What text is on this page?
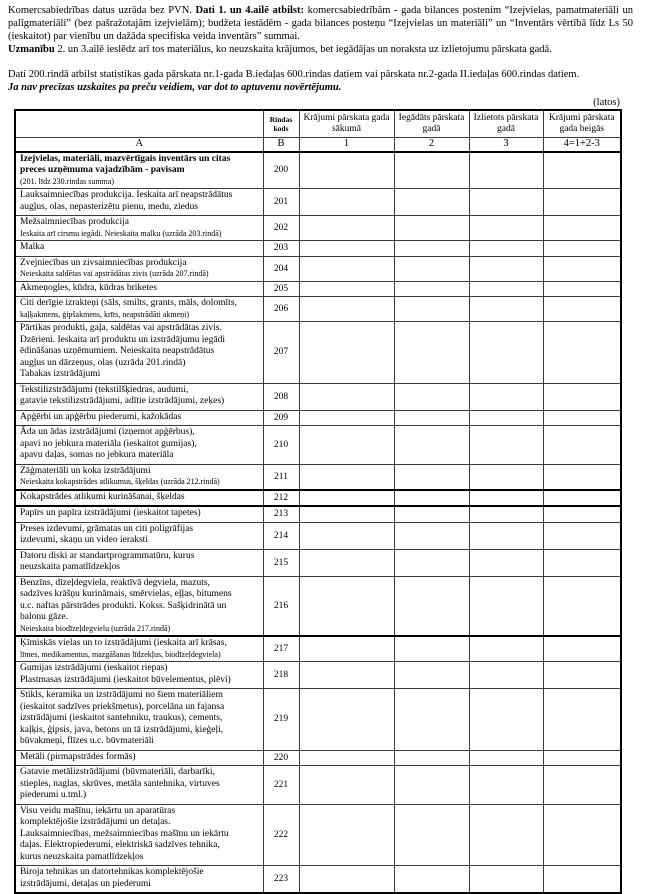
Komercsabiedrības datus uzrāda bez PVN. Dati 1. un 4.ailē atbilst: komercsabiedrībām - gada bilances postenim “Izejvielas, pamatmateriāli un palīgmateriāli” (bez pašražotajām izejvielām); budžeta iestādēm - gada bilances posteņu “Izejvielas un materiāli” un “Inventārs vērtībā līdz Ls 50 (ieskaitot) par vienību un dažāda specifiska veida inventārs” summai.
Uzmanību 2. un 3.ailē ieslēdz arī tos materiālus, ko neuzskaita krājumos, bet iegādājas un noraksta uz izlietojumu pārskata gadā.
Dati 200.rindā atbilst statistikas gada pārskata nr.1-gada B.iedaļas 600.rindas datiem vai pārskata nr.2-gada II.iedaļas 600.rindas datiem.
Ja nav precīzas uzskaites pa preču veidiem, var dot to aptuvenu novērtējumu.
(latos)
	Rindas kods	Krājumi pārskata gada sākumā	Iegādāts pārskata gadā	Izlietots pārskata gadā	Krājumi pārskata gada beigās
A	B	1	2	3	4=1+2-3

Izejvielas, materiāli, mazvērtīgais inventārs un citas
preces uzņēmuma vajadzībām - pavisam
(201. līdz 230.rindas summa)	200				

Lauksaimniecības produkcija. Ieskaita arī neapstrādātus
augļus, olas, nepasterizētu pienu, medu, ziedus	201				

Mežsaimniecības produkcija
Ieskaita arī cirsmu iegādi. Neieskaita malku (uzrāda 203.rindā)	202				

Malka	203				

Zvejniecības un zivsaimniecības produkcija
Neieskaita saldētas vai apstrādātas zivis (uzrāda 207.rindā)	204				

Akmeņogles, kūdra, kūdras briketes	205				

Citi derīgie izrakteņi (sāls, smilts, grants, māls, dolomīts,
kaļķakmens, ģipšakmens, krīts, neapstrādāti akmeņi)	206				

Pārtikas produkti, gaļa, saldētas vai apstrādātas zivis.
Dzērieni. Ieskaita arī produktu un izstrādājumu iegādi
ēdināšanas uzņēmumiem. Neieskaita neapstrādātus
augļus un dārzeņus, olas (uzrāda 201.rindā)
Tabakas izstrādājumi	207				

Tekstilizstrādājumi (tekstilšķiedras, audumi,
gatavie tekstilizstrādājumi, adītie izstrādājumi, zeķes)	208				

Apģērbi un apģērbu piederumi, kažokādas	209				

Āda un ādas izstrādājumi (izņemot apģērbus),
apavi no jebkura materiāla (ieskaitot gumijas),
apavu daļas, somas no jebkura materiāla	210				

Zāģmateriāli un koka izstrādājumi
Neieskaita kokapstrādes atlikumus, šķeldas (uzrāda 212.rindā)	211				

Kokapstrādes atlikumi kurināšanai, šķeldas	212				

Papīrs un papīra izstrādājumi (ieskaitot tapetes)	213				

Preses izdevumi, grāmatas un citi poligrāfijas
izdevumi, skaņu un video ieraksti	214				

Datoru diski ar standartprogrammatūru, kurus
neuzskaita pamatlīdzekļos	215				

Benzīns, dīzeļdegviela, reaktīvā degviela, mazuts,
sadzīves krāšņu kurināmais, smērvielas, eļļas, bitumens
u.c. naftas pārstrādes produkti. Kokss. Sašķidrinātā un
balonu gāze.
Neieskaita biodīzeļdegvielu (uzrāda 217.rindā)	216				

Ķīmiskās vielas un to izstrādājumi (ieskaita arī krāsas,
līmes, medikamentus, mazgāšanas līdzekļus, biodīzeļdegviela)	217				

Gumijas izstrādājumi (ieskaitot riepas)
Plastmasas izstrādājumi (ieskaitot būvelementus, plēvi)	218				

Stikls, keramika un izstrādājumi no šiem materiāliem
(ieskaitot sadzīves priekšmetus), porcelāna un fajansa
izstrādājumi (ieskaitot santehniku, traukus), cements,
kaļķis, ģipsis, java, betons un tā izstrādājumi, ķieģeļi,
būvakmeņi, flīzes u.c. būvmateriāli	219				

Metāli (pirmapstrādes formās)	220				

Gatavie metālizstrādājumi (būvmateriāli, darbarīki,
stieples, naglas, skrūves, metāla santehnika, virtuves
piederumi u.tml.)	221				

Visu veidu mašīnu, iekārtu un aparatūras
komplektējošie izstrādājumi un detaļas.
Lauksaimniecības, mežsaimniecības mašīnu un iekārtu
daļas. Elektropiederumi, elektriskā sadzīves tehnika,
kurus neuzskaita pamatlīdzekļos	222				

Biroja tehnikas un datortehnikas komplektējošie
izstrādājumi, detaļas un piederumi	223				
